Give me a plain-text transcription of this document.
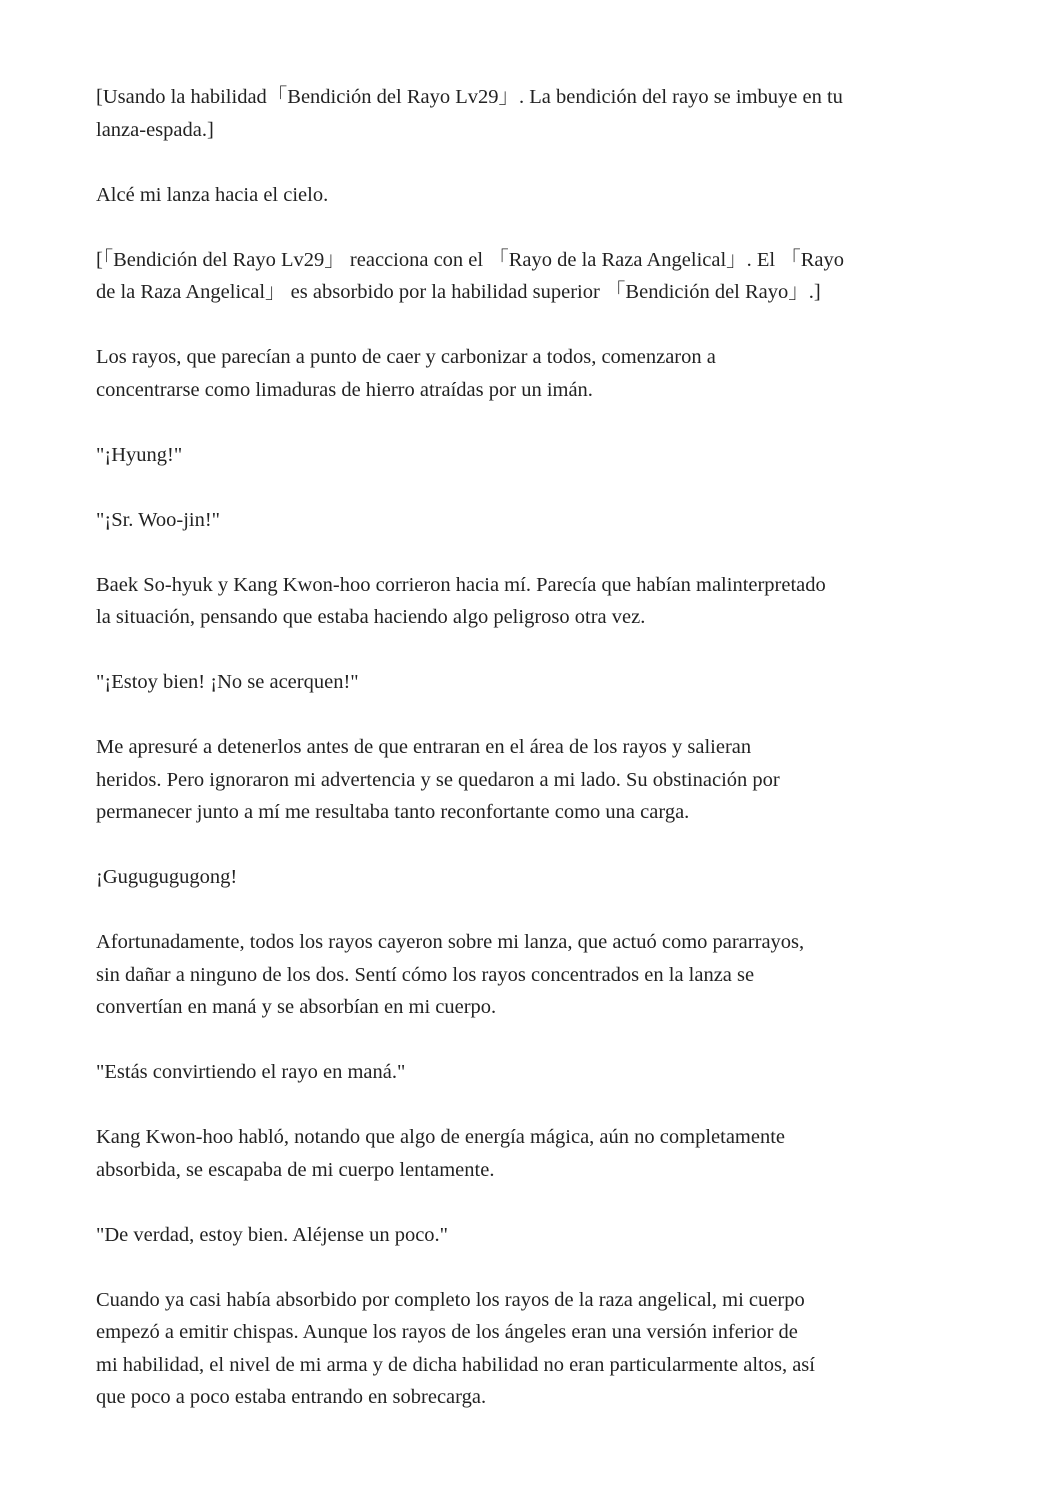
[Usando la habilidad「Bendición del Rayo Lv29」. La bendición del rayo se imbuye en tu
lanza-espada.]

Alcé mi lanza hacia el cielo.

[「Bendición del Rayo Lv29」 reacciona con el 「Rayo de la Raza Angelical」. El 「Rayo
de la Raza Angelical」 es absorbido por la habilidad superior 「Bendición del Rayo」.]

Los rayos, que parecían a punto de caer y carbonizar a todos, comenzaron a
concentrarse como limaduras de hierro atraídas por un imán.

"¡Hyung!"

"¡Sr. Woo-jin!"

Baek So-hyuk y Kang Kwon-hoo corrieron hacia mí. Parecía que habían malinterpretado
la situación, pensando que estaba haciendo algo peligroso otra vez.

"¡Estoy bien! ¡No se acerquen!"

Me apresuré a detenerlos antes de que entraran en el área de los rayos y salieran
heridos. Pero ignoraron mi advertencia y se quedaron a mi lado. Su obstinación por
permanecer junto a mí me resultaba tanto reconfortante como una carga.

¡Gugugugugong!

Afortunadamente, todos los rayos cayeron sobre mi lanza, que actuó como pararrayos,
sin dañar a ninguno de los dos. Sentí cómo los rayos concentrados en la lanza se
convertían en maná y se absorbían en mi cuerpo.

"Estás convirtiendo el rayo en maná."

Kang Kwon-hoo habló, notando que algo de energía mágica, aún no completamente
absorbida, se escapaba de mi cuerpo lentamente.

"De verdad, estoy bien. Aléjense un poco."

Cuando ya casi había absorbido por completo los rayos de la raza angelical, mi cuerpo
empezó a emitir chispas. Aunque los rayos de los ángeles eran una versión inferior de
mi habilidad, el nivel de mi arma y de dicha habilidad no eran particularmente altos, así
que poco a poco estaba entrando en sobrecarga.
